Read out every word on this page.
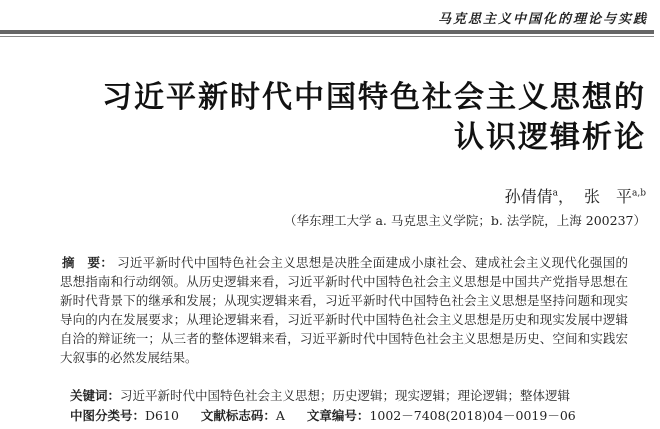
马克思主义中国化的理论与实践
习近平新时代中国特色社会主义思想的
认识逻辑析论
孙倩倩$^a$， 张　平$^{a,b}$
（华东理工大学 a. 马克思主义学院；b. 法学院，上海 200237）
摘　要： 习近平新时代中国特色社会主义思想是决胜全面建成小康社会、建成社会主义现代化强国的思想指南和行动纲领。从历史逻辑来看，习近平新时代中国特色社会主义思想是中国共产党指导思想在新时代背景下的继承和发展；从现实逻辑来看，习近平新时代中国特色社会主义思想是坚持问题和现实导向的内在发展要求；从理论逻辑来看，习近平新时代中国特色社会主义思想是历史和现实发展中逻辑自洽的辩证统一；从三者的整体逻辑来看，习近平新时代中国特色社会主义思想是历史、空间和实践宏大叙事的必然发展结果。
关键词：习近平新时代中国特色社会主义思想；历史逻辑；现实逻辑；理论逻辑；整体逻辑
中图分类号：D610 文献标志码：A 文章编号：1002－7408(2018)04－0019－06
